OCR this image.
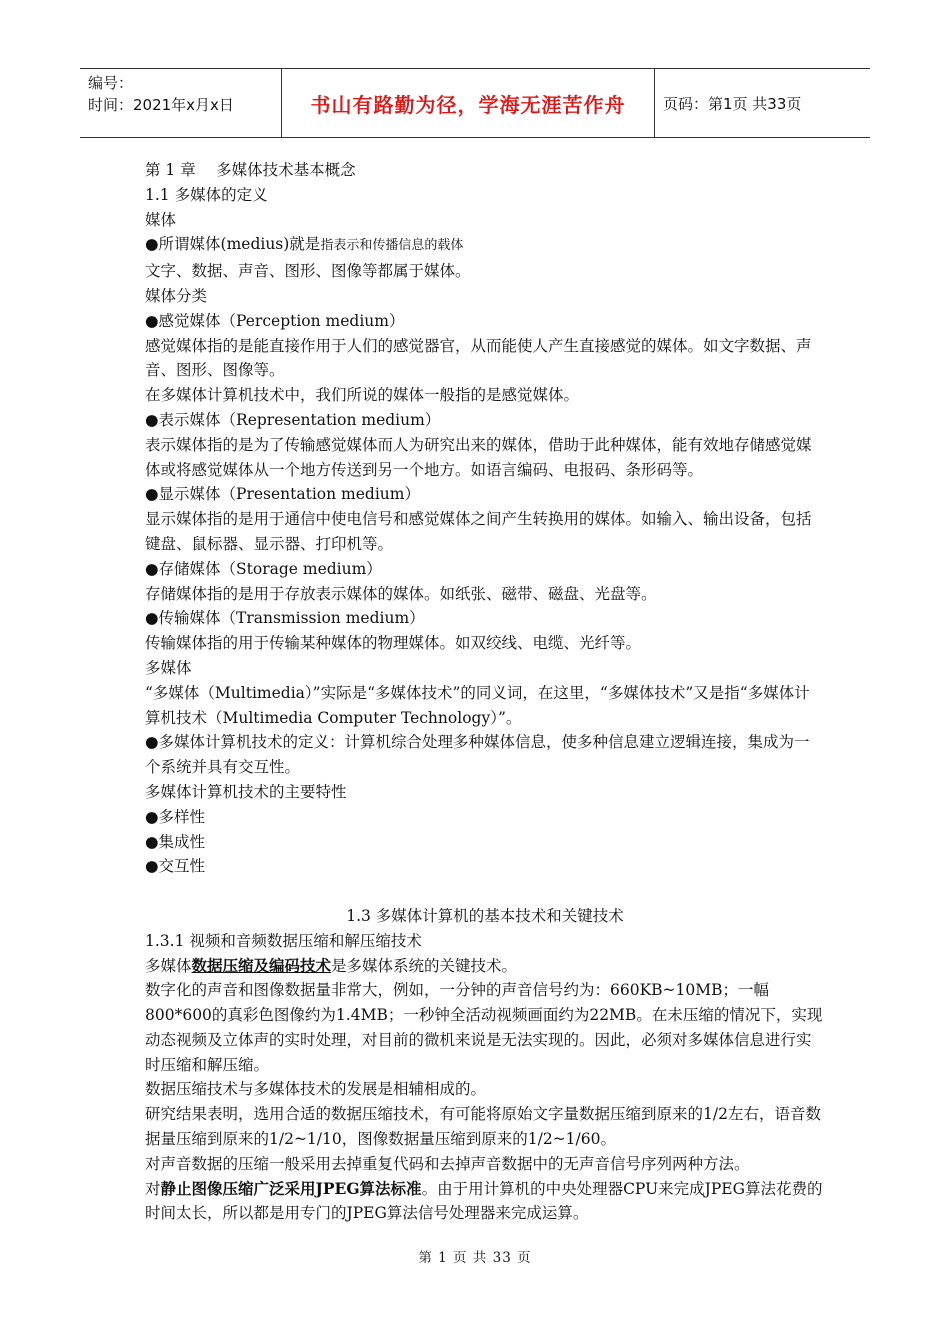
编号：
时间：2021年x月x日	书山有路勤为径，学海无涯苦作舟	页码：第1页 共33页

第 1 章　 多媒体技术基本概念

1.1 多媒体的定义

媒体

●所谓媒体(medius)就是指表示和传播信息的载体

文字、数据、声音、图形、图像等都属于媒体。

媒体分类

●感觉媒体（Perception medium）

感觉媒体指的是能直接作用于人们的感觉器官，从而能使人产生直接感觉的媒体。如文字数据、声音、图形、图像等。

在多媒体计算机技术中，我们所说的媒体一般指的是感觉媒体。

●表示媒体（Representation medium）

表示媒体指的是为了传输感觉媒体而人为研究出来的媒体，借助于此种媒体，能有效地存储感觉媒体或将感觉媒体从一个地方传送到另一个地方。如语言编码、电报码、条形码等。

●显示媒体（Presentation medium）

显示媒体指的是用于通信中使电信号和感觉媒体之间产生转换用的媒体。如输入、输出设备，包括键盘、鼠标器、显示器、打印机等。

●存储媒体（Storage medium）

存储媒体指的是用于存放表示媒体的媒体。如纸张、磁带、磁盘、光盘等。

●传输媒体（Transmission medium）

传输媒体指的用于传输某种媒体的物理媒体。如双绞线、电缆、光纤等。

多媒体

“多媒体（Multimedia）”实际是“多媒体技术”的同义词，在这里，“多媒体技术”又是指“多媒体计算机技术（Multimedia Computer Technology）”。

●多媒体计算机技术的定义：计算机综合处理多种媒体信息，使多种信息建立逻辑连接，集成为一个系统并具有交互性。

多媒体计算机技术的主要特性

●多样性

●集成性

●交互性

1.3 多媒体计算机的基本技术和关键技术

1.3.1 视频和音频数据压缩和解压缩技术

多媒体数据压缩及编码技术是多媒体系统的关键技术。

数字化的声音和图像数据量非常大，例如，一分钟的声音信号约为：660KB~10MB；一幅800*600的真彩色图像约为1.4MB；一秒钟全活动视频画面约为22MB。在未压缩的情况下，实现动态视频及立体声的实时处理，对目前的微机来说是无法实现的。因此，必须对多媒体信息进行实时压缩和解压缩。

数据压缩技术与多媒体技术的发展是相辅相成的。

研究结果表明，选用合适的数据压缩技术，有可能将原始文字量数据压缩到原来的1/2左右，语音数据量压缩到原来的1/2~1/10，图像数据量压缩到原来的1/2~1/60。

对声音数据的压缩一般采用去掉重复代码和去掉声音数据中的无声音信号序列两种方法。

对静止图像压缩广泛采用JPEG算法标准。由于用计算机的中央处理器CPU来完成JPEG算法花费的时间太长，所以都是用专门的JPEG算法信号处理器来完成运算。

第 1 页 共 33 页
